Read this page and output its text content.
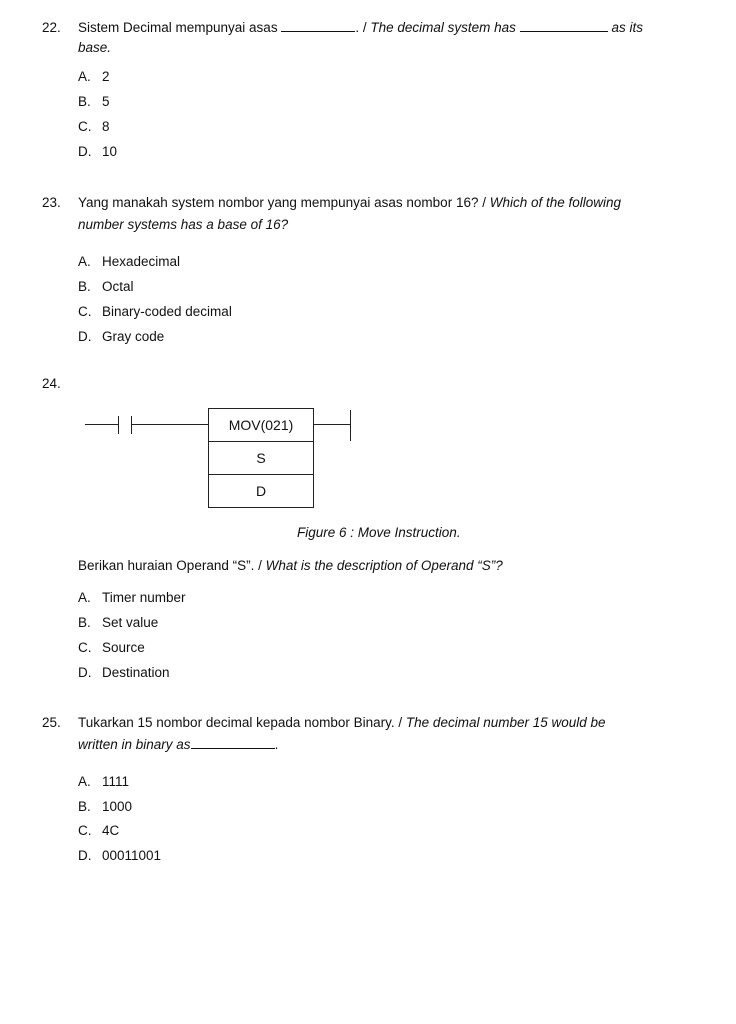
22. Sistem Decimal mempunyai asas	. / The decimal system has	as its
base.
A. 2
B. 5
C. 8
D. 10
23. Yang manakah system nombor yang mempunyai asas nombor 16? / Which of the following
number systems has a base of 16?
A. Hexadecimal
B. Octal
C. Binary-coded decimal
D. Gray code
24.
MOV(021)
S
D
Figure 6 : Move Instruction.
Berikan huraian Operand “S”. / What is the description of Operand “S”?
A. Timer number
B. Set value
C. Source
D. Destination
25. Tukarkan 15 nombor decimal kepada nombor Binary. / The decimal number 15 would be
written in binary as	.
A. 1111
B. 1000
C. 4C
D. 00011001
